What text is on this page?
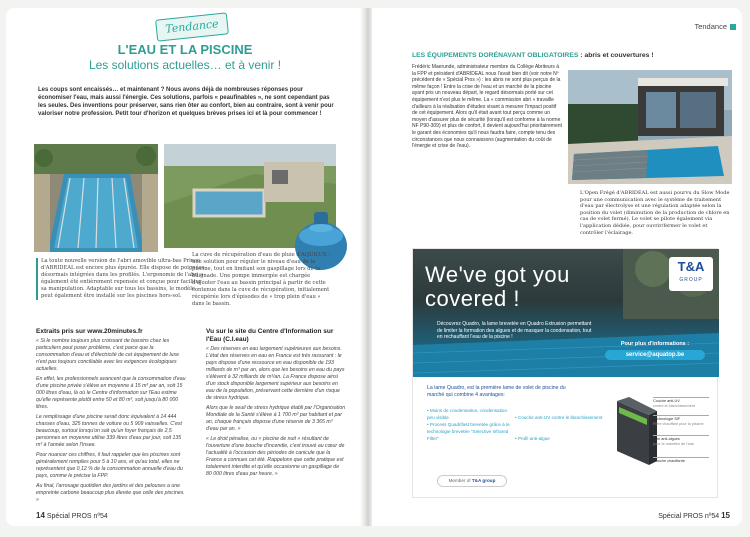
Tendance
L'EAU ET LA PISCINE
Les solutions actuelles… et à venir !
Les coups sont encaissés… et maintenant ? Nous avons déjà de nombreuses réponses pour économiser l'eau, mais aussi l'énergie. Ces solutions, parfois « peaufinables », ne sont cependant pas les seules. Des inventions pour préserver, sans rien ôter au confort, bien au contraire, sont à venir pour valoriser notre profession. Petit tour d'horizon et quelques brèves prises ici et là pour commencer !
La toute nouvelle version de l'abri amovible ultra-bas Prince d'ABRIDEAL est encore plus épurée. Elle dispose de poignées désormais intégrées dans les profilés. L'ergonomie de l'abri a également été entièrement repensée et conçue pour faciliter sa manipulation. Adaptable sur tous les bassins, le modèle peut également être installé sur les piscines hors-sol.
La cuve de récupération d'eau de pluie d'AQUILUS : une solution pour réguler le niveau d'eau de la piscine, tout en limitant son gaspillage lors de la baignade. Une pompe immergée est chargée d'ajouter l'eau au bassin principal à partir de cette contenue dans la cuve de récupération, initialement récupérée lors d'épisodes de « trop plein d'eau » dans le bassin.
Extraits pris sur www.20minutes.fr

« Si le nombre toujours plus croissant de bassins chez les particuliers peut poser problème, c'est parce que la consommation d'eau et d'électricité de cet équipement de luxe n'est pas toujours conciliable avec les exigences écologiques actuelles.

En effet, les professionnels avancent que la consommation d'eau d'une piscine privée s'élève en moyenne à 15 m³ par an, soit 15 000 litres d'eau, là où le Centre d'information sur l'Eau estime qu'elle représente plutôt entre 50 et 80 m³, soit jusqu'à 80 000 litres.

Le remplissage d'une piscine serait donc équivalent à 14 444 chasses d'eau, 325 tonnes de voiture ou 5 909 vaisselles. C'est beaucoup, surtout lorsqu'on sait qu'un foyer français de 2,5 personnes en moyenne utilise 339 litres d'eau par jour, soit 135 m³ à l'année selon l'Insee.

Pour nuancer ces chiffres, il faut rappeler que les piscines sont généralement remplies pour 5 à 10 ans, et qu'au total, elles ne représentent que 0,12 % de la consommation annuelle d'eau du pays, comme le précise la FPP.

Au final, l'arrosage quotidien des jardins et des pelouses a une empreinte carbone beaucoup plus élevée que celle des piscines. »

Vu sur le site du Centre d'Information sur l'Eau (C.I.eau)

« Des réserves en eau largement supérieures aux besoins. L'état des réserves en eau en France est très rassurant : le pays dispose d'une ressource en eau disponible de 193 milliards de m³ par an, alors que les besoins en eau du pays s'élèvent à 32 milliards de m³/an. La France dispose ainsi d'un stock disponible largement supérieur aux besoins en eau de la population, préservant cette dernière d'un risque de stress hydrique.

Alors que le seuil de stress hydrique établi par l'Organisation Mondiale de la Santé s'élève à 1 700 m³ par habitant et par an, chaque français dispose d'une réserve de 3 365 m³ d'eau par an. »

« Le droit pénalise, ou « piscine de nuit » résultant de l'ouverture d'une bouche d'incendie, c'est trouvé au cœur de l'actualité à l'occasion des périodes de canicule que la France a connues cet été. Rappelons que cette pratique est totalement interdite et qu'elle occasionne un gaspillage de 80 000 litres d'eau par heure. »

14 Spécial PROS nº54
Tendance
LES ÉQUIPEMENTS DORÉNAVANT OBLIGATOIRES : abris et couvertures !
Frédéric Maerunde, administrateur membre du Collège Abriteurs à la FPP et président d'ABRIDEAL nous l'avait bien dit (voir notre Nº précédent de « Spécial Pros ») : les abris ne sont plus perçus de la même façon ! Entre la crise de l'eau et un marché de la piscine ayant pris un nouveau départ, le regard désormais porté sur cet équipement n'est plus le même. La « commission abri » travaille d'ailleurs à la réalisation d'études visant à mesurer l'impact positif de cet équipement. Alors qu'il était avant tout perçu comme un moyen d'assurer plus de sécurité (lorsqu'il est conforme à la norme NF P90-309) et plus de confort, il devient aujourd'hui prioritairement le garant des économies qu'il nous faudra faire, compte tenu des circonstances que nous connaissons (augmentation du coût de l'énergie et crise de l'eau).
L'Open Frégé d'ABRIDEAL est aussi pourvu du Slow Mode pour une communication avec le système de traitement d'eau par électrolyse et une régulation adaptée selon la position du volet (diminution de la production de chlore en cas de volet fermé). Le volet se pilote également via l'application dédiée, pour ouvrir/fermer le volet et contrôler l'éclairage.
We've got you
covered !
Découvrez Quadro, la lame brevetée en Quadro Extrusion permettant de limiter la formation des algues et de masquer la condensation, tout en rechauffant l'eau de la piscine !
T&A
GROUP
Pour plus d'informations :
service@aquatop.be
La lame Quadro, est la première lame de volet de piscine du marché qui combine 4 avantages:
• Moins de condensation, condensation peu visible	• Couche anti-UV contre le blanchissement
• Process Quadrifast brevetée grâce à la technologie brevetée "Selective Infrared Filter"	• Profil anti-algue
Couche anti-UV
contre le blanchissement
Technologie SIF
Filtre chauffant pour la piscine
Film anti-algues
pour le maintien de l'eau
Couche chauffante
Member of T&A group
Spécial PROS nº54 15
